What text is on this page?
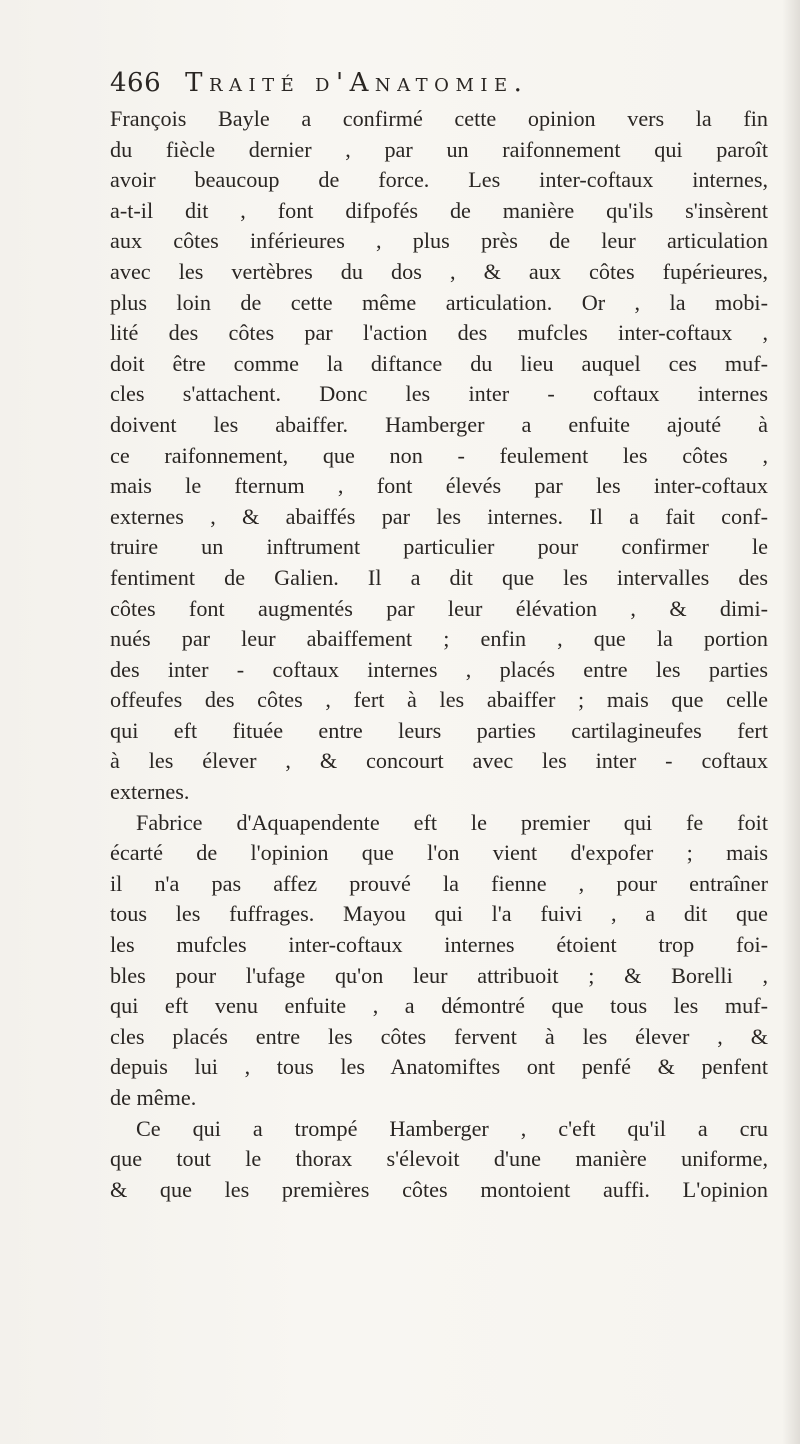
466 Traité d'Anatomie.
François Bayle a confirmé cette opinion vers la fin
du fiècle dernier , par un raifonnement qui paroît
avoir beaucoup de force. Les inter-coftaux internes,
a-t-il dit , font difpofés de manière qu'ils s'insèrent
aux côtes inférieures , plus près de leur articulation
avec les vertèbres du dos , & aux côtes fupérieures,
plus loin de cette même articulation. Or , la mobi-
lité des côtes par l'action des mufcles inter-coftaux ,
doit être comme la diftance du lieu auquel ces muf-
cles s'attachent. Donc les inter - coftaux internes
doivent les abaiffer. Hamberger a enfuite ajouté à
ce raifonnement, que non - feulement les côtes ,
mais le fternum , font élevés par les inter-coftaux
externes , & abaiffés par les internes. Il a fait conf-
truire un inftrument particulier pour confirmer le
fentiment de Galien. Il a dit que les intervalles des
côtes font augmentés par leur élévation , & dimi-
nués par leur abaiffement ; enfin , que la portion
des inter - coftaux internes , placés entre les parties
offeufes des côtes , fert à les abaiffer ; mais que celle
qui eft fituée entre leurs parties cartilagineufes fert
à les élever , & concourt avec les inter - coftaux
externes.
Fabrice d'Aquapendente eft le premier qui fe foit
écarté de l'opinion que l'on vient d'expofer ; mais
il n'a pas affez prouvé la fienne , pour entraîner
tous les fuffrages. Mayou qui l'a fuivi , a dit que
les mufcles inter-coftaux internes étoient trop foi-
bles pour l'ufage qu'on leur attribuoit ; & Borelli ,
qui eft venu enfuite , a démontré que tous les muf-
cles placés entre les côtes fervent à les élever , &
depuis lui , tous les Anatomiftes ont penfé & penfent
de même.
Ce qui a trompé Hamberger , c'eft qu'il a cru
que tout le thorax s'élevoit d'une manière uniforme,
& que les premières côtes montoient auffi. L'opinion
